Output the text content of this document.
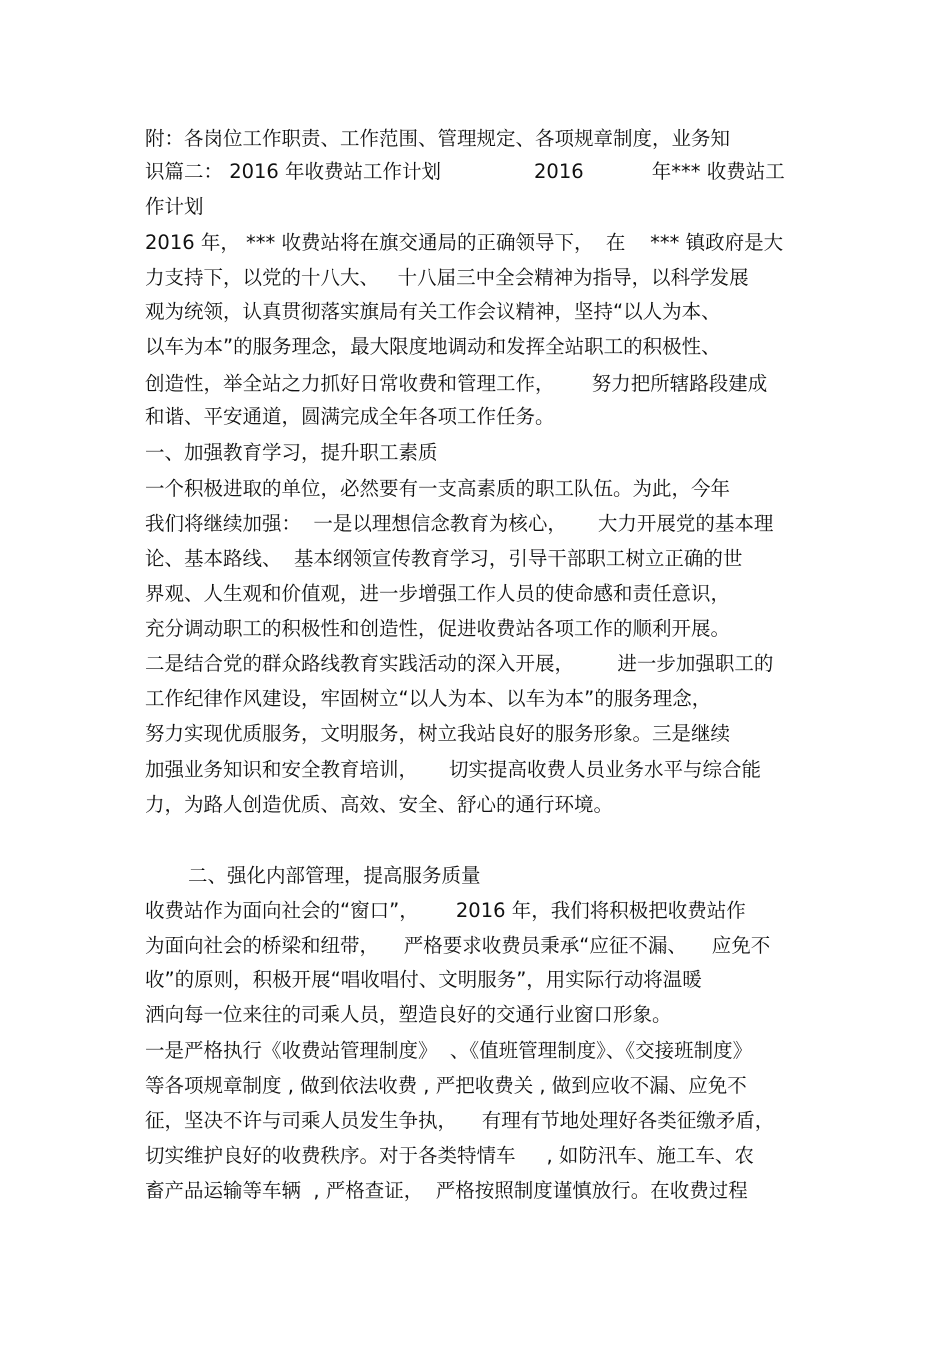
附：各岗位工作职责、工作范围、管理规定、各项规章制度，业务知
识篇二： 2016 年收费站工作计划               2016           年*** 收费站工
作计划
2016 年， *** 收费站将在旗交通局的正确领导下，  在    *** 镇政府是大
力支持下，以党的十八大、   十八届三中全会精神为指导，以科学发展
观为统领，认真贯彻落实旗局有关工作会议精神，坚持“以人为本、
以车为本”的服务理念，最大限度地调动和发挥全站职工的积极性、
创造性，举全站之力抓好日常收费和管理工作，      努力把所辖路段建成
和谐、平安通道，圆满完成全年各项工作任务。
一、加强教育学习，提升职工素质
一个积极进取的单位，必然要有一支高素质的职工队伍。为此，今年
我们将继续加强：  一是以理想信念教育为核心，     大力开展党的基本理
论、基本路线、  基本纲领宣传教育学习，引导干部职工树立正确的世
界观、人生观和价值观，进一步增强工作人员的使命感和责任意识，
充分调动职工的积极性和创造性，促进收费站各项工作的顺利开展。
二是结合党的群众路线教育实践活动的深入开展，       进一步加强职工的
工作纪律作风建设，牢固树立“以人为本、以车为本”的服务理念，
努力实现优质服务，文明服务，树立我站良好的服务形象。三是继续
加强业务知识和安全教育培训，     切实提高收费人员业务水平与综合能
力，为路人创造优质、高效、安全、舒心的通行环境。
二、强化内部管理，提高服务质量
收费站作为面向社会的“窗口”，      2016 年，我们将积极把收费站作
为面向社会的桥梁和纽带，    严格要求收费员秉承“应征不漏、    应免不
收”的原则，积极开展“唱收唱付、文明服务”，用实际行动将温暖
洒向每一位来往的司乘人员，塑造良好的交通行业窗口形象。
一是严格执行《收费站管理制度》  、《值班管理制度》、《交接班制度》
等各项规章制度 , 做到依法收费 , 严把收费关 , 做到应收不漏、应免不
征，坚决不许与司乘人员发生争执，    有理有节地处理好各类征缴矛盾，
切实维护良好的收费秩序。对于各类特情车     , 如防汛车、施工车、农
畜产品运输等车辆  , 严格查证，  严格按照制度谨慎放行。在收费过程
